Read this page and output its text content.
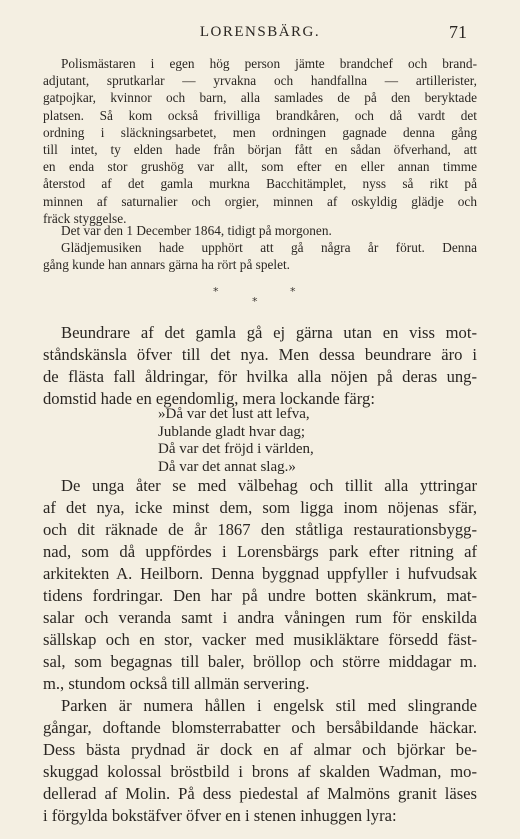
LORENSBÄRG.	71
Polismästaren i egen hög person jämte brandchef och brand-
adjutant, sprutkarlar — yrvakna och handfallna — artillerister,
gatpojkar, kvinnor och barn, alla samlades de på den beryktade
platsen. Så kom också frivilliga brandkåren, och då vardt det
ordning i släckningsarbetet, men ordningen gagnade denna gång
till intet, ty elden hade från början fått en sådan öfverhand, att
en enda stor grushög var allt, som efter en eller annan timme
återstod af det gamla murkna Bacchitämplet, nyss så rikt på
minnen af saturnalier och orgier, minnen af oskyldig glädje och
fräck styggelse.
Det var den 1 December 1864, tidigt på morgonen.
Glädjemusiken hade upphört att gå några år förut. Denna
gång kunde han annars gärna ha rört på spelet.
*	*
*
Beundrare af det gamla gå ej gärna utan en viss mot-
ståndskänsla öfver till det nya. Men dessa beundrare äro i
de flästa fall åldringar, för hvilka alla nöjen på deras ung-
domstid hade en egendomlig, mera lockande färg:
»Då var det lust att lefva,
Jublande gladt hvar dag;
Då var det fröjd i världen,
Då var det annat slag.»
De unga åter se med välbehag och tillit alla yttringar
af det nya, icke minst dem, som ligga inom nöjenas sfär,
och dit räknade de år 1867 den ståtliga restaurationsbygg-
nad, som då uppfördes i Lorensbärgs park efter ritning af
arkitekten A. Heilborn. Denna byggnad uppfyller i hufvudsak
tidens fordringar. Den har på undre botten skänkrum, mat-
salar och veranda samt i andra våningen rum för enskilda
sällskap och en stor, vacker med musikläktare försedd fäst-
sal, som begagnas till baler, bröllop och större middagar m.
m., stundom också till allmän servering.
Parken är numera hållen i engelsk stil med slingrande
gångar, doftande blomsterrabatter och bersåbildande häckar.
Dess bästa prydnad är dock en af almar och björkar be-
skuggad kolossal bröstbild i brons af skalden Wadman, mo-
dellerad af Molin. På dess piedestal af Malmöns granit läses
i förgylda bokstäfver öfver en i stenen inhuggen lyra:
